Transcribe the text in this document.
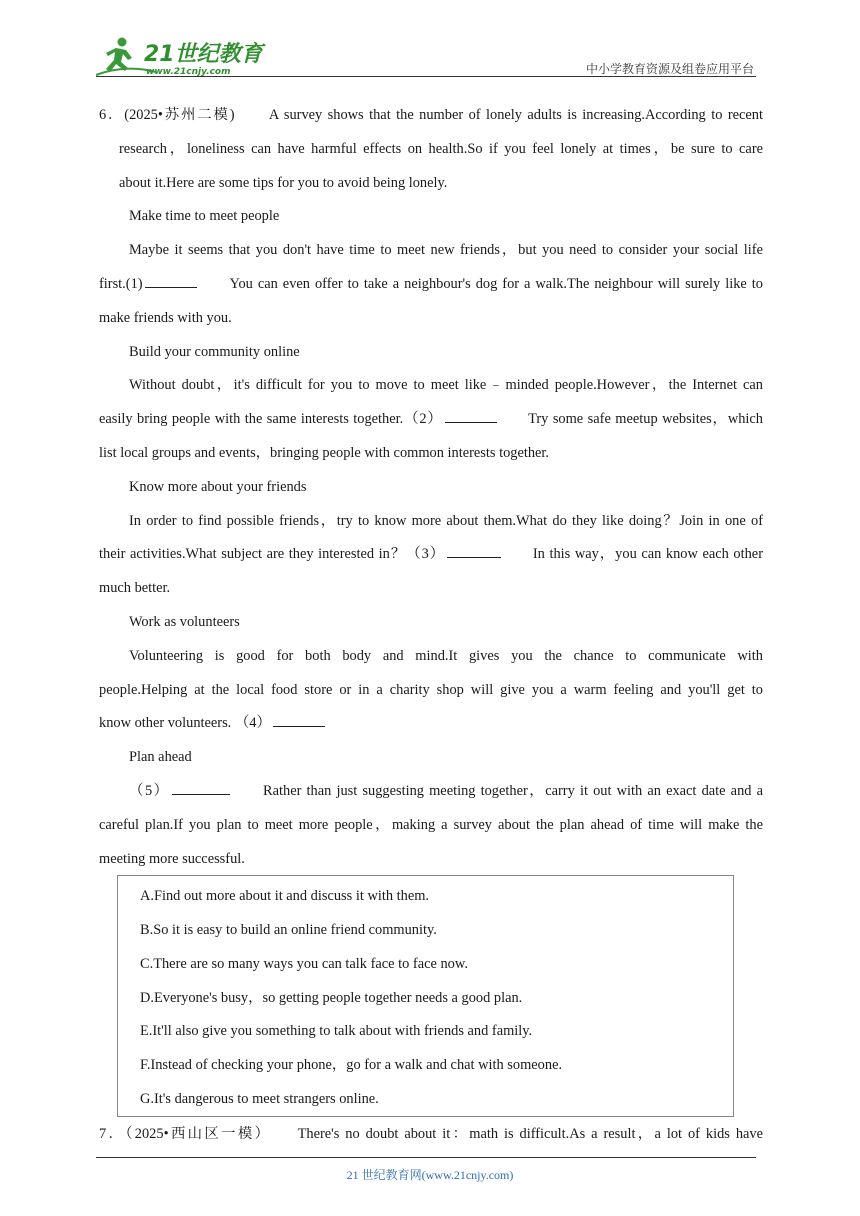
21世纪教育
www.21cnjy.com	中小学教育资源及组卷应用平台
6．(2025•苏州二模)　　A survey shows that the number of lonely adults is increasing.According to recent
research，loneliness can have harmful effects on health.So if you feel lonely at times，be sure to care
about it.Here are some tips for you to avoid being lonely.
Make time to meet people
Maybe it seems that you don't have time to meet new friends，but you need to consider your social life
first.(1)	　　You can even offer to take a neighbour's dog for a walk.The neighbour will surely like to
make friends with you.
Build your community online
Without doubt，it's difficult for you to move to meet like﹣minded people.However，the Internet can
easily bring people with the same interests together.（2）	　　Try some safe meetup websites，which
list local groups and events，bringing people with common interests together.
Know more about your friends
In order to find possible friends，try to know more about them.What do they like doing？Join in one of
their activities.What subject are they interested in？（3）	　　In this way，you can know each other
much better.
Work as volunteers
Volunteering is good for both body and mind.It gives you the chance to communicate with
people.Helping at the local food store or in a charity shop will give you a warm feeling and you'll get to
know other volunteers. （4）
Plan ahead
（5）	　　Rather than just suggesting meeting together，carry it out with an exact date and a
careful plan.If you plan to meet more people，making a survey about the plan ahead of time will make the
meeting more successful.
A.Find out more about it and discuss it with them.
B.So it is easy to build an online friend community.
C.There are so many ways you can talk face to face now.
D.Everyone's busy，so getting people together needs a good plan.
E.It'll also give you something to talk about with friends and family.
F.Instead of checking your phone，go for a walk and chat with someone.
G.It's dangerous to meet strangers online.
7．（2025•西山区一模）　　There's no doubt about it：math is difficult.As a result，a lot of kids have
21 世纪教育网(www.21cnjy.com)
